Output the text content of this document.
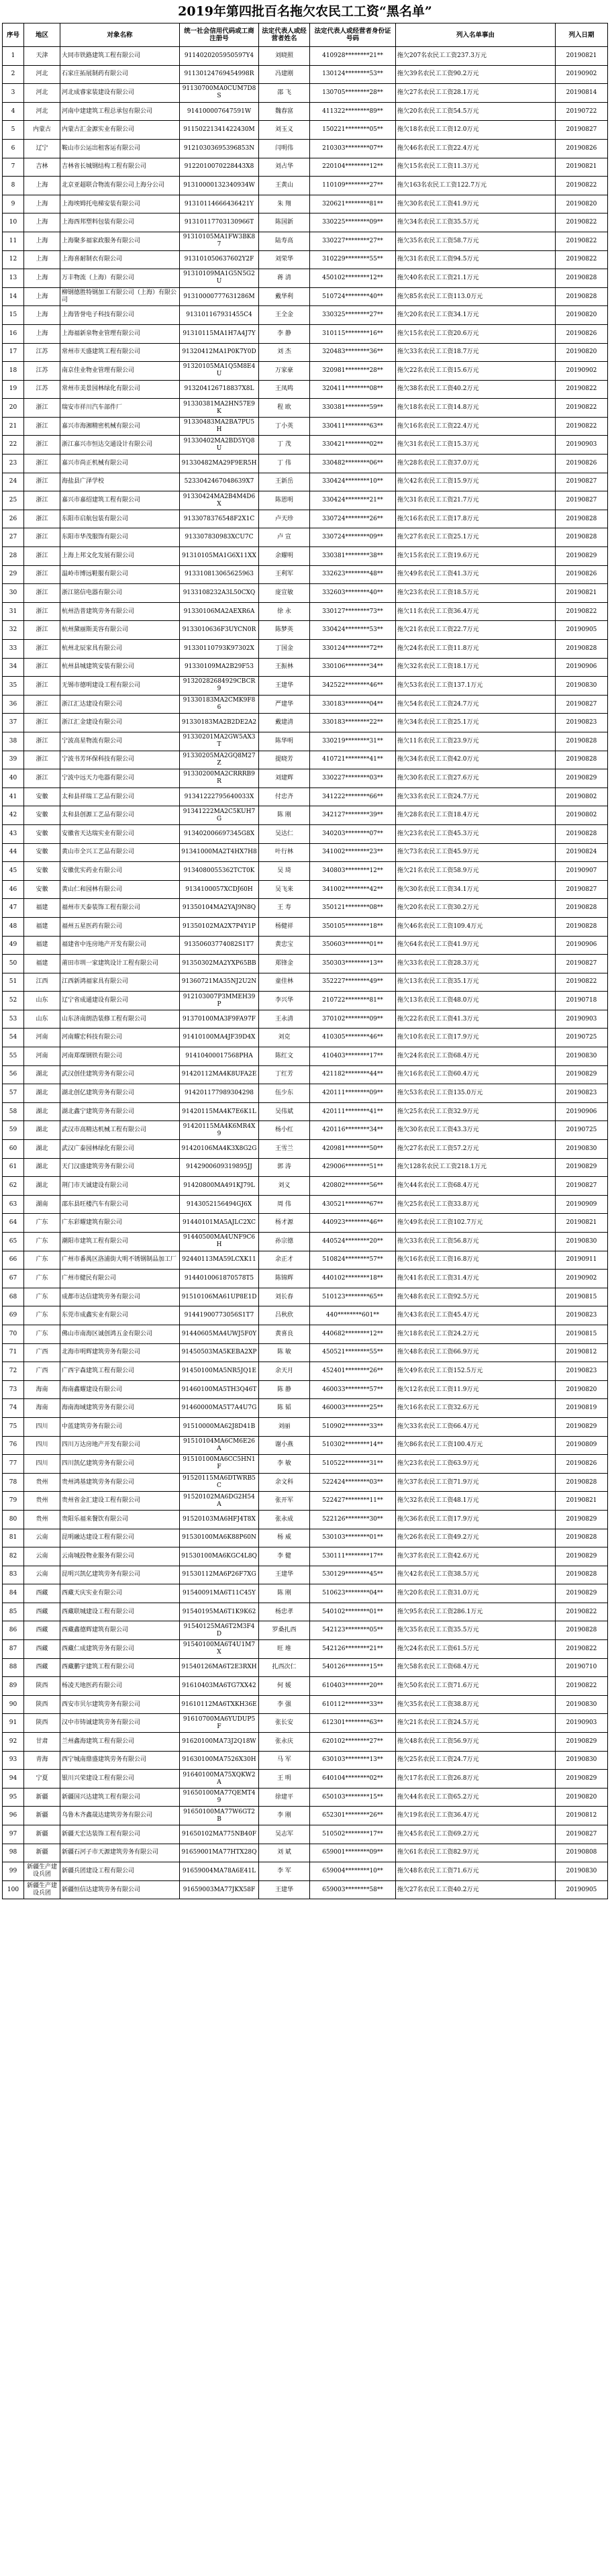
2019年第四批百名拖欠农民工工资“黑名单”
序号	地区	对象名称	统一社会信用代码或工商注册号	法定代表人或经营者姓名	法定代表人或经营者身份证号码	列入名单事由	列入日期
1	天津	大同市铁路建筑工程有限公司	9114020205950597Y4	刘晓照	410928********21**	拖欠207名农民工工资237.3万元	20190821
2	河北	石家庄拓展制药有限公司	91130124769454998R	冯建刚	130124********53**	拖欠39名农民工工资90.2万元	20190902
3	河北	河北成睿家装建设有限公司	91130700MA0CUM7D8S	邵 飞	130705********28**	拖欠27名农民工工资28.1万元	20190814
4	河北	河南中建建筑工程总承包有限公司	914100007647591W	魏春富	411322********89**	拖欠20名农民工工资54.5万元	20190722
5	内蒙古	内蒙古汇金源实业有限公司	91150221341422430M	刘玉义	150221********05**	拖欠18名农民工工资12.0万元	20190827
6	辽宁	鞍山市公运出租客运有限公司	91210303695396853N	闫明伟	210303********07**	拖欠46名农民工工资22.4万元	20190826
7	吉林	吉林省长城钢结构工程有限公司	9122010070228443X8	刘占华	220104********12**	拖欠15名农民工工资11.3万元	20190821
8	上海	北京亚超联合物流有限公司上海分公司	91310000132340934W	王黄山	110109********27**	拖欠163名农民工工资122.7万元	20190822
9	上海	上海埃姆托电梯安装有限公司	91310114666436421Y	朱 翔	320621********81**	拖欠30名农民工工资41.9万元	20190820
10	上海	上海西邦塑料包装有限公司	91310117703130966T	陈国新	330225********09**	拖欠34名农民工工资35.5万元	20190822
11	上海	上海聚多福家政服务有限公司	91310105MA1FW3BK87	陆寿高	330227********27**	拖欠35名农民工工资58.7万元	20190822
12	上海	上海喜耐制衣有限公司	913101050637602Y2F	刘荣华	310229********55**	拖欠31名农民工工资94.5万元	20190822
13	上海	万丰物流（上海）有限公司	91310109MA1G5N5G2U	蒋 清	450102********12**	拖欠40名农民工工资21.1万元	20190828
14	上海	柳钢德胜特钢加工有限公司（上海）有限公司	91310000777631286M	戴华利	510724********40**	拖欠85名农民工工资113.0万元	20190828
15	上海	上海皆誉电子科技有限公司	913101167931455C4	王全金	330325********27**	拖欠20名农民工工资34.1万元	20190820
16	上海	上海福新泉物业管理有限公司	91310115MA1H7A4J7Y	李 静	310115********16**	拖欠15名农民工工资20.6万元	20190826
17	江苏	常州市天盛建筑工程有限公司	91320412MA1P0K7Y0D	刘 杰	320483********36**	拖欠33名农民工工资18.7万元	20190820
18	江苏	南京佳业物业管理有限公司	91320105MA1Q5M8E4U	万家豪	320981********28**	拖欠22名农民工工资15.6万元	20190902
19	江苏	常州市美景园林绿化有限公司	913204126718837X8L	王凤鸣	320411********08**	拖欠38名农民工工资40.2万元	20190822
20	浙江	瑞安市祥川汽车部件厂	91330381MA2HN57E9K	程 欧	330381********59**	拖欠18名农民工工资14.8万元	20190822
21	浙江	嘉兴市海湘精密机械有限公司	91330483MA2BA7PU5H	丁小英	330411********63**	拖欠16名农民工工资22.4万元	20190822
22	浙江	浙江嘉兴市恒达交通设计有限公司	91330402MA2BD5YQ8U	丁 茂	330421********02**	拖欠31名农民工工资15.3万元	20190903
23	浙江	嘉兴市尚正机械有限公司	91330482MA29F9ER5H	丁 伟	330482********06**	拖欠28名农民工工资37.0万元	20190826
24	浙江	海盐县广泽学校	5233042467048639X7	王新岳	330424********10**	拖欠42名农民工工资15.9万元	20190827
25	浙江	嘉兴市嘉绍建筑工程有限公司	91330424MA2B4M4D6X	陈恩明	330424********21**	拖欠31名农民工工资21.7万元	20190827
26	浙江	东阳市启航包装有限公司	9133078376548F2X1C	卢天珍	330724********26**	拖欠16名农民工工资17.8万元	20190828
27	浙江	东阳市华茂服饰有限公司	913307830983XCU7C	卢 宣	330724********09**	拖欠27名农民工工资25.1万元	20190828
28	浙江	上海上邦文化发展有限公司	91310105MA1G6X11XX	余耀明	330381********38**	拖欠15名农民工工资19.6万元	20190829
29	浙江	温岭市博远鞋服有限公司	913310813065625963	王利军	332623********48**	拖欠49名农民工工资41.3万元	20190826
30	浙江	浙江铭信电器有限公司	9133108232A3L50CXQ	庞宣敏	332603********40**	拖欠23名农民工工资18.5万元	20190821
31	浙江	杭州浩普建筑劳务有限公司	91330106MA2AEXR6A	徐 永	330127********73**	拖欠11名农民工工资36.4万元	20190822
32	浙江	杭州黛丽斯美容有限公司	9133010636F3UYCN0R	陈梦英	330424********53**	拖欠21名农民工工资22.7万元	20190905
33	浙江	杭州北辰家具有限公司	91330110793K97302X	丁国金	330124********72**	拖欠24名农民工工资11.8万元	20190828
34	浙江	杭州县城建筑安装有限公司	91330109MA2B29F53	王振林	330106********34**	拖欠32名农民工工资18.1万元	20190906
35	浙江	无锡市德明建设工程有限公司	91320282684929CBCR9	王建华	342522********46**	拖欠53名农民工工资137.1万元	20190830
36	浙江	浙江汇达建设有限公司	91330183MA2CMK9F86	严建华	330183********04**	拖欠54名农民工工资24.7万元	20190827
37	浙江	浙江汇金建设有限公司	91330183MA2B2DE2A2	戴建清	330183********22**	拖欠34名农民工工资25.1万元	20190823
38	浙江	宁波高星物流有限公司	91330201MA2GW5AX3T	陈华明	330219********31**	拖欠11名农民工工资23.9万元	20190828
39	浙江	宁波书芳环保科技有限公司	91330205MA2GQ8M27Z	提晓芳	410721********41**	拖欠34名农民工工资42.0万元	20190828
40	浙江	宁波中远天力电器有限公司	91330200MA2CRRRB9R	刘建辉	330227********03**	拖欠30名农民工工资27.6万元	20190829
41	安徽	太和县祥瑞工艺品有限公司	91341222795640033X	付忠齐	341222********66**	拖欠33名农民工工资24.7万元	20190802
42	安徽	太和县创源工艺品有限公司	91341222MA2C5KUH7G	陈 刚	342127********39**	拖欠28名农民工工资18.4万元	20190802
43	安徽	安徽省天达瑞实业有限公司	913402006697345G8X	吴达仁	340203********07**	拖欠23名农民工工资45.3万元	20190828
44	安徽	黄山市全兴工艺品有限公司	91341000MA2T4HX7H8	叶行林	341002********23**	拖欠73名农民工工资45.9万元	20190824
45	安徽	安徽优实药业有限公司	9134080055362TCT0K	吴 琦	340803********12**	拖欠21名农民工工资58.9万元	20190907
46	安徽	黄山仁和园林有限公司	9134100057XCDJ60H	吴飞来	341002********42**	拖欠30名农民工工资34.1万元	20190827
47	福建	福州市天泰装饰工程有限公司	91350104MA2YAJ9N8Q	王 寿	350121********08**	拖欠20名农民工工资30.2万元	20190828
48	福建	福州五星医药有限公司	91350102MA2X7P4Y1P	杨健祥	350105********18**	拖欠46名农民工工资109.4万元	20190828
49	福建	福建省中连房地产开发有限公司	91350603774082S1T7	黄忠宝	350603********01**	拖欠64名农民工工资41.9万元	20190906
50	福建	莆田市圳一家建筑设计工程有限公司	91350302MA2YXP65BB	郑锋金	350303********13**	拖欠33名农民工工资28.3万元	20190827
51	江西	江西新鸿福家具有限公司	91360721MA35NJ2U2N	童佳林	352227********49**	拖欠13名农民工工资35.1万元	20190822
52	山东	辽宁省成通建设有限公司	912103007P3MMEH39P	李兴华	210722********81**	拖欠13名农民工工资48.0万元	20190718
53	山东	山东济南朗浩装修工程有限公司	91370100MA3F9FA97F	王永清	370102********09**	拖欠22名农民工工资41.3万元	20190903
54	河南	河南耀宏科技有限公司	91410100MA4JF39D4X	刘克	410305********46**	拖欠10名农民工工资17.9万元	20190725
55	河南	河南郑煤钢铁有限公司	91410400017568PHA	陈红文	410403********17**	拖欠24名农民工工资68.4万元	20190830
56	湖北	武汉创佳建筑劳务有限公司	91420112MA4K8UFA2E	丁红芳	421182********44**	拖欠16名农民工工资60.4万元	20190829
57	湖北	湖北创亿建筑劳务有限公司	914201177989304298	伍少东	420111********09**	拖欠53名农民工工资135.0万元	20190823
58	湖北	湖北鑫宁建筑劳务有限公司	91420115MA4K7E6K1L	吴伟斌	420111********41**	拖欠25名农民工工资32.9万元	20190906
59	湖北	武汉市高精达机械工程有限公司	91420115MA4K6MR4X9	杨小红	420116********34**	拖欠30名农民工工资43.3万元	20190725
60	湖北	武汉广泰园林绿化有限公司	91420106MA4K3X8G2G	王雪兰	420981********50**	拖欠27名农民工工资57.2万元	20190830
61	湖北	天门汉盛建筑劳务有限公司	9142900609319895JJ	郭 涛	429006********51**	拖欠128名农民工工资218.1万元	20190829
62	湖北	荆门市天诚建设有限公司	91420800MA491KJ79L	刘义	420802********56**	拖欠44名农民工工资68.4万元	20190827
63	湖南	邵东县旺楼汽车有限公司	9143052156494GJ6X	周 伟	430521********67**	拖欠25名农民工工资33.8万元	20190909
64	广东	广东彩耀建筑有限公司	91440101MA5AJLC2XC	杨才源	440923********46**	拖欠49名农民工工资102.7万元	20190821
65	广东	潮阳市建筑工程有限公司	91440500MA4UNF9C6H	孙宗德	440524********20**	拖欠33名农民工工资56.8万元	20190830
66	广东	广州市番禺区洛浦街大明不锈钢制品加工厂	92440113MA59LCXK11	余正才	510824********57**	拖欠16名农民工工资16.8万元	20190911
67	广东	广州市健民有限公司	9144010061870578T5	陈锦辉	440102********18**	拖欠41名农民工工资31.4万元	20190902
68	广东	成都市达信建筑劳务有限公司	91510106MA61UP8E1D	刘长春	510123********65**	拖欠48名农民工工资92.5万元	20190815
69	广东	东莞市成鑫实业有限公司	91441900773056S1T7	吕秋欣	440********601**	拖欠43名农民工工资45.4万元	20190823
70	广东	佛山市南海区诚创鸿五金有限公司	91440605MA4UWJ5F0Y	黄喜良	440682********12**	拖欠18名农民工工资24.2万元	20190815
71	广西	北海市明辉建筑劳务有限公司	91450503MA5KEBA2XP	陈 敏	450521********55**	拖欠48名农民工工资66.9万元	20190812
72	广西	广西宇森建筑工程有限公司	91450100MA5NR5JQ1E	余天月	452401********26**	拖欠49名农民工工资152.5万元	20190823
73	海南	海南鑫耀建设有限公司	91460100MA5TH3Q46T	陈 静	460033********57**	拖欠12名农民工工资11.9万元	20190820
74	海南	海南海域建筑劳务有限公司	91460000MA5T7A4U7G	陈 韬	460003********25**	拖欠16名农民工工资32.6万元	20190819
75	四川	中蓝建筑劳务有限公司	91510000MA62J8D41B	刘丽	510902********33**	拖欠33名农民工工资66.4万元	20190829
76	四川	四川万达房地产开发有限公司	91510104MA6CM6E26A	谢小燕	510302********14**	拖欠86名农民工工资100.4万元	20190809
77	四川	四川凯亿建筑劳务有限公司	91510100MA6CC5HN1F	李 敏	510522********31**	拖欠23名农民工工资63.9万元	20190826
78	贵州	贵州鸿基建筑劳务有限公司	91520115MA6DTWRB5C	余文科	522424********03**	拖欠37名农民工工资71.9万元	20190828
79	贵州	贵州省金汇建设工程有限公司	91520102MA6DG2H54A	张开军	522427********11**	拖欠32名农民工工资48.1万元	20190821
80	贵州	贵阳乐福来餐饮有限公司	91520103MA6HFJ4T8X	张永成	522126********30**	拖欠36名农民工工资17.9万元	20190829
81	云南	昆明融达建设工程有限公司	91530100MA6K88P60N	杨 威	530103********01**	拖欠26名农民工工资49.2万元	20190828
82	云南	云南城投物业服务有限公司	91530100MA6KGC4L8Q	李 健	530111********17**	拖欠37名农民工工资42.6万元	20190829
83	云南	昆明兴凯亿建筑劳务有限公司	91530112MA6P26F7XG	王建华	530129********45**	拖欠42名农民工工资38.5万元	20190828
84	西藏	西藏天庆实业有限公司	91540091MA6T11C45Y	陈 刚	510623********04**	拖欠20名农民工工资31.0万元	20190829
85	西藏	西藏联城建设工程有限公司	91540195MA6T1K9K62	杨忠孝	540102********01**	拖欠95名农民工工资286.1万元	20190822
86	西藏	西藏鑫德辉建筑有限公司	91540125MA6T2M3F4D	罗桑扎西	542123********05**	拖欠35名农民工工资35.5万元	20190828
87	西藏	西藏仁成建筑劳务有限公司	91540100MA6T4U1M7X	旺 堆	542126********21**	拖欠24名农民工工资61.5万元	20190822
88	西藏	西藏鹏宇建筑工程有限公司	91540126MA6T2E3RXH	扎西次仁	540126********15**	拖欠58名农民工工资68.4万元	20190710
89	陕西	杨凌天地医药有限公司	91610403MA6TG7XX42	何 媛	610403********20**	拖欠50名农民工工资71.6万元	20190822
90	陕西	西安市贝尔建筑劳务有限公司	91610112MA6TXKH36E	李 强	610112********33**	拖欠35名农民工工资38.8万元	20190830
91	陕西	汉中市铸诚建筑劳务有限公司	91610700MA6YUDUP5F	张长安	612301********63**	拖欠21名农民工工资24.5万元	20190903
92	甘肃	兰州鑫海建筑工程有限公司	91620100MA73J2Q18W	张永庆	620102********27**	拖欠48名农民工工资56.9万元	20190829
93	青海	西宁城南鼎盛建筑劳务有限公司	91630100MA7526X30H	马 军	630103********13**	拖欠25名农民工工资24.7万元	20190830
94	宁夏	银川兴荣建设工程有限公司	91640100MA75XQKW2A	王 明	640104********02**	拖欠17名农民工工资26.8万元	20190829
95	新疆	新疆国兴达建筑工程有限公司	91650100MA77QEMT49	徐建平	650103********15**	拖欠44名农民工工资65.2万元	20190820
96	新疆	乌鲁木齐鑫晟达建筑劳务有限公司	91650100MA77W6GT2B	李 刚	652301********26**	拖欠19名农民工工资36.4万元	20190812
97	新疆	新疆天宏达装饰工程有限公司	91650102MA775NB40F	吴志军	510502********17**	拖欠45名农民工工资69.2万元	20190827
98	新疆	新疆石河子市天源建筑劳务有限公司	91659001MA77HTX28Q	刘 斌	659001********09**	拖欠61名农民工工资82.9万元	20190808
99	新疆生产建设兵团	新疆兵团建设工程有限公司	91659004MA78A6E41L	李 军	659004********10**	拖欠48名农民工工资71.6万元	20190830
100	新疆生产建设兵团	新疆恒信达建筑劳务有限公司	91659003MA77JKX58F	王建华	659003********58**	拖欠27名农民工工资40.2万元	20190905
